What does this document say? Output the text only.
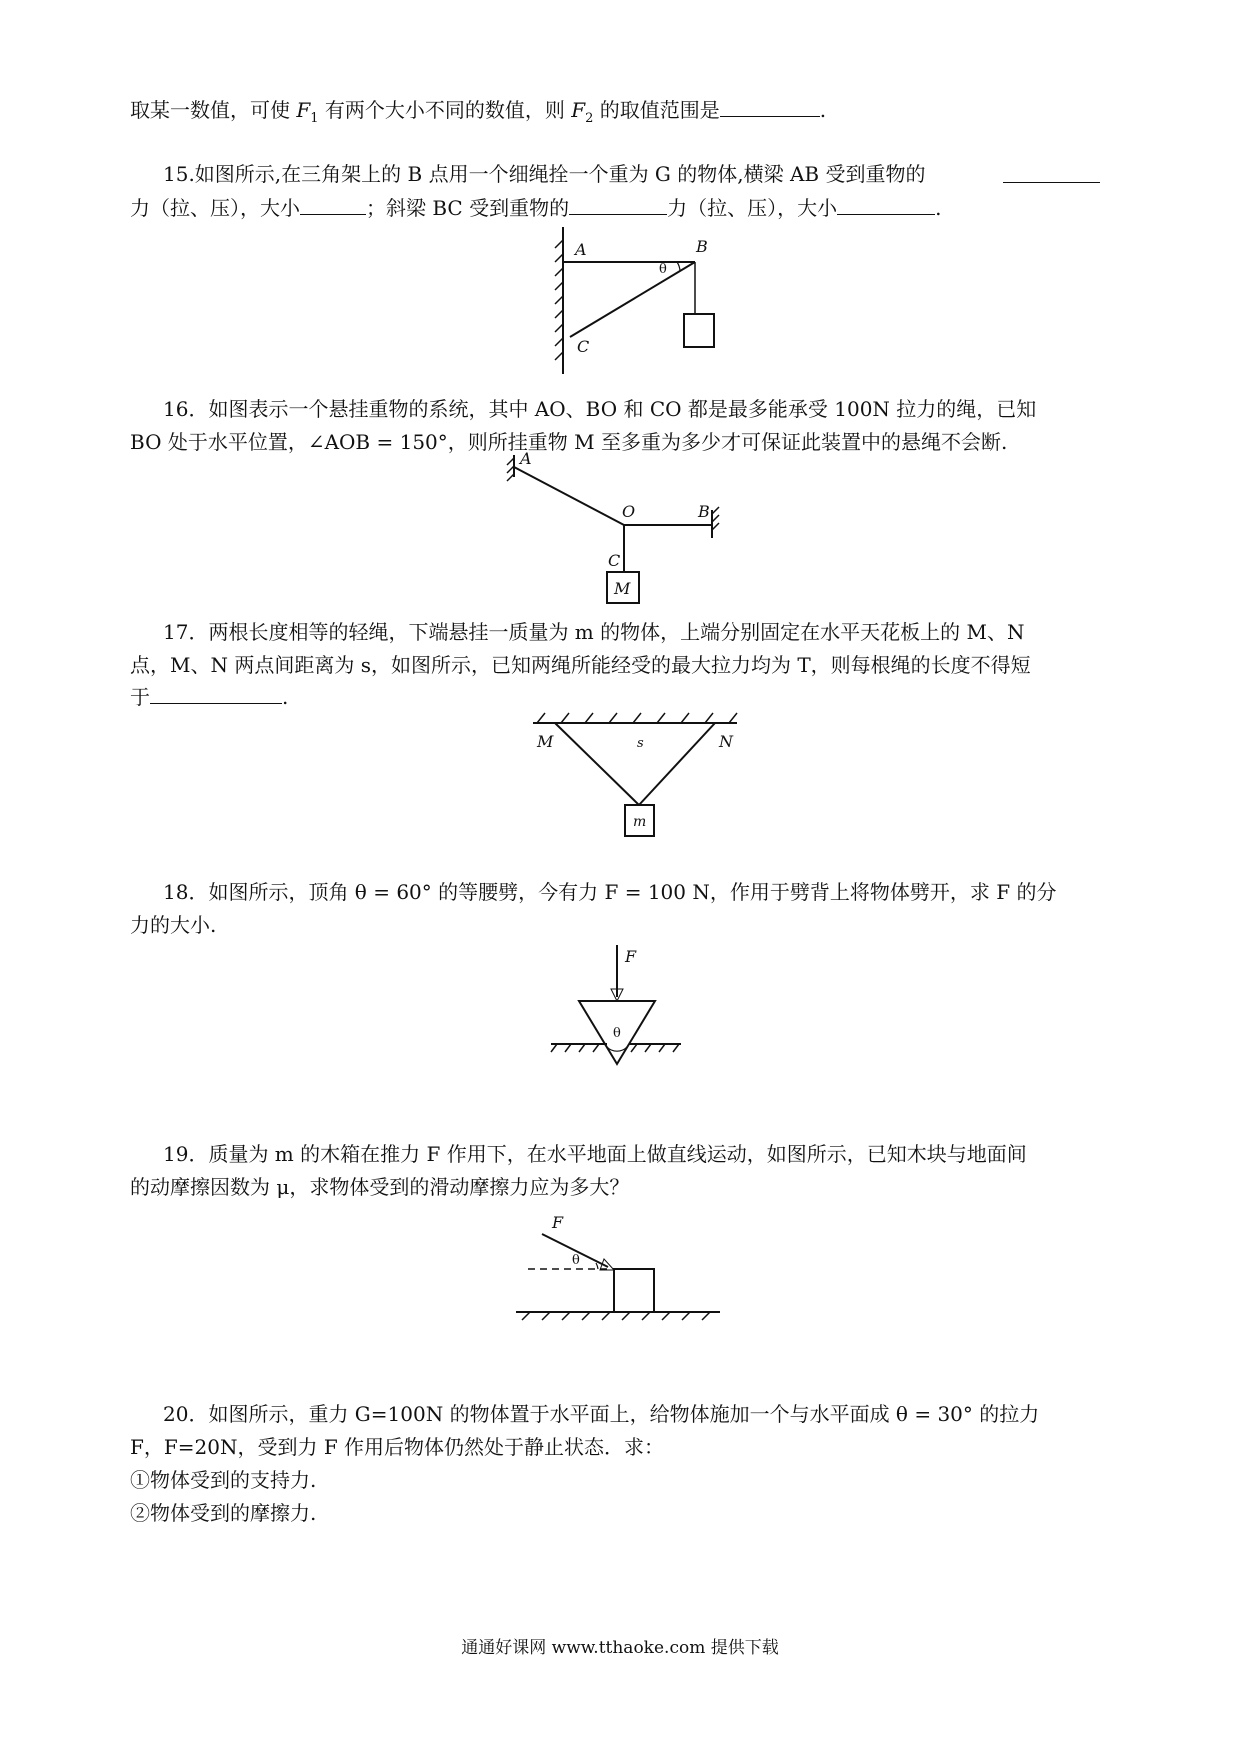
取某一数值，可使 $F_1$ 有两个大小不同的数值，则 $F_2$ 的取值范围是	.
15.如图所示,在三角架上的 B 点用一个细绳拴一个重为 G 的物体,横梁 AB 受到重物的
力（拉、压），大小	；斜梁 BC 受到重物的	力（拉、压），大小	.
A	B
C
θ
16．如图表示一个悬挂重物的系统，其中 AO、BO 和 CO 都是最多能承受 100N 拉力的绳，已知
BO 处于水平位置，∠AOB = 150°，则所挂重物 M 至多重为多少才可保证此装置中的悬绳不会断.
A
O	B
C
M
17．两根长度相等的轻绳，下端悬挂一质量为 m 的物体，上端分别固定在水平天花板上的 M、N
点，M、N 两点间距离为 s，如图所示，已知两绳所能经受的最大拉力均为 T，则每根绳的长度不得短
于	.
M	N
s
m
18．如图所示，顶角 θ = 60° 的等腰劈，今有力 F = 100 N，作用于劈背上将物体劈开，求 F 的分
力的大小.
F
θ
19．质量为 m 的木箱在推力 F 作用下，在水平地面上做直线运动，如图所示，已知木块与地面间
的动摩擦因数为 μ，求物体受到的滑动摩擦力应为多大？
F
θ
20．如图所示，重力 G=100N 的物体置于水平面上，给物体施加一个与水平面成 θ = 30° 的拉力
F，F=20N，受到力 F 作用后物体仍然处于静止状态．求：
①物体受到的支持力.
②物体受到的摩擦力.
通通好课网 www.tthaoke.com 提供下载
